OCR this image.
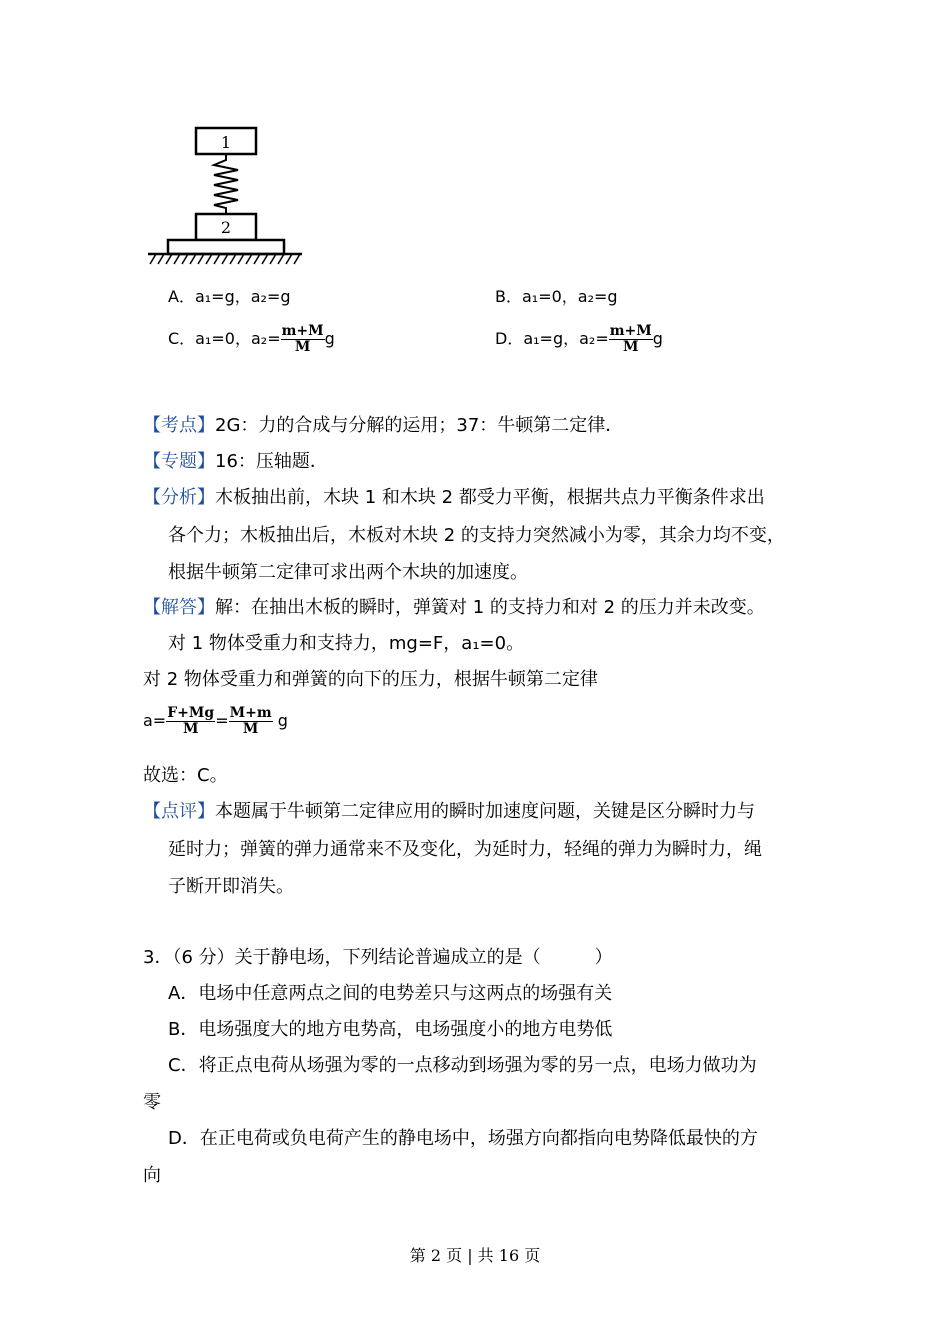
1
2
A．a₁=g，a₂=g	B．a₁=0，a₂=g
C．a₁=0，$a_2= \frac{m+M}{M}$ g	D．a₁=g，$a_2= \frac{m+M}{M}$ g
【考点】2G：力的合成与分解的运用；37：牛顿第二定律．
【专题】16：压轴题．
【分析】木板抽出前，木块 1 和木块 2 都受力平衡，根据共点力平衡条件求出
各个力；木板抽出后，木板对木块 2 的支持力突然减小为零，其余力均不变，
根据牛顿第二定律可求出两个木块的加速度。
【解答】解：在抽出木板的瞬时，弹簧对 1 的支持力和对 2 的压力并未改变。
对 1 物体受重力和支持力，mg=F，a₁=0。
对 2 物体受重力和弹簧的向下的压力，根据牛顿第二定律
$a= \frac{F+Mg}{M} = \frac{M+m}{M}$ g
故选：C。
【点评】本题属于牛顿第二定律应用的瞬时加速度问题，关键是区分瞬时力与
延时力；弹簧的弹力通常来不及变化，为延时力，轻绳的弹力为瞬时力，绳
子断开即消失。
3．（6 分）关于静电场，下列结论普遍成立的是（　　　）
A．电场中任意两点之间的电势差只与这两点的场强有关
B．电场强度大的地方电势高，电场强度小的地方电势低
C．将正点电荷从场强为零的一点移动到场强为零的另一点，电场力做功为
零
D．在正电荷或负电荷产生的静电场中，场强方向都指向电势降低最快的方
向
第 2 页 | 共 16 页
